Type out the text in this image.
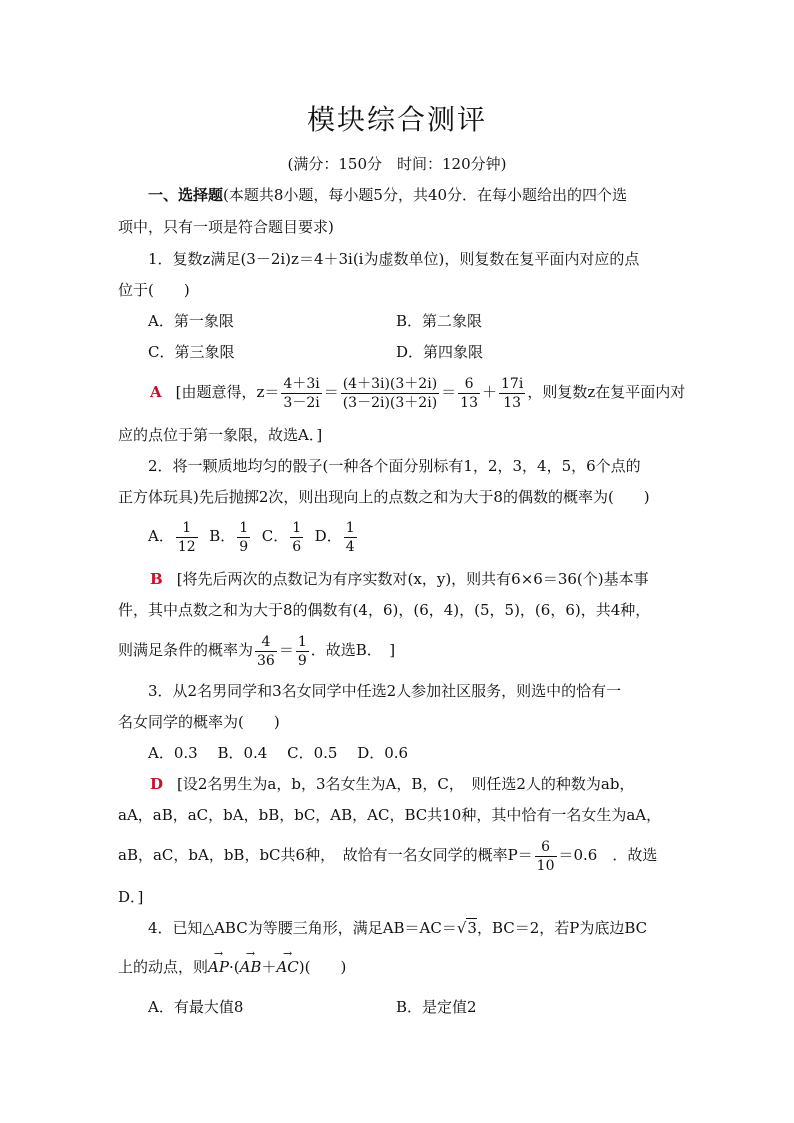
模块综合测评
(满分：150分　时间：120分钟)
一、选择题(本题共8小题，每小题5分，共40分．在每小题给出的四个选
项中，只有一项是符合题目要求)
1．复数z满足(3－2i)z＝4＋3i(i为虚数单位)，则复数在复平面内对应的点
位于(　　)
A．第一象限	B．第二象限
C．第三象限	D．第四象限
A [由题意得，$z= \frac{4+3i}{3-2i} = \frac{(4+3i)(3+2i)}{(3-2i)(3+2i)} = \frac{6}{13} + \frac{17i}{13}$ ，则复数z在复平面内对
应的点位于第一象限，故选A．]
2．将一颗质地均匀的骰子(一种各个面分别标有1，2，3，4，5，6个点的
正方体玩具)先后抛掷2次，则出现向上的点数之和为大于8的偶数的概率为(　　)
A． $\frac{1}{12}$ B． $\frac{1}{9}$ C． $\frac{1}{6}$ D． $\frac{1}{4}$
B [将先后两次的点数记为有序实数对(x，y)，则共有6×6＝36(个)基本事
件，其中点数之和为大于8的偶数有(4，6)，(6，4)，(5，5)，(6，6)，共4种，
则满足条件的概率为 $\frac{4}{36} = \frac{1}{9}$ ．故选B．　]
3．从2名男同学和3名女同学中任选2人参加社区服务，则选中的恰有一
名女同学的概率为(　　)
A．0.3　 B．0.4　 C．0.5　 D．0.6
D [设2名男生为a，b，3名女生为A，B，C，　则任选2人的种数为ab，
aA，aB，aC，bA，bB，bC，AB，AC，BC共10种，其中恰有一名女生为aA，
aB，aC，bA，bB，bC共6种，　故恰有一名女同学的概率$P= \frac{6}{10} =0.6$　．故选
D．]
4．已知△ABC为等腰三角形，满足AB＝AC＝√3，BC＝2，若P为底边BC
上的动点，则→ AP·(→ AB＋→ AC)(　　)
A．有最大值8	B．是定值2
